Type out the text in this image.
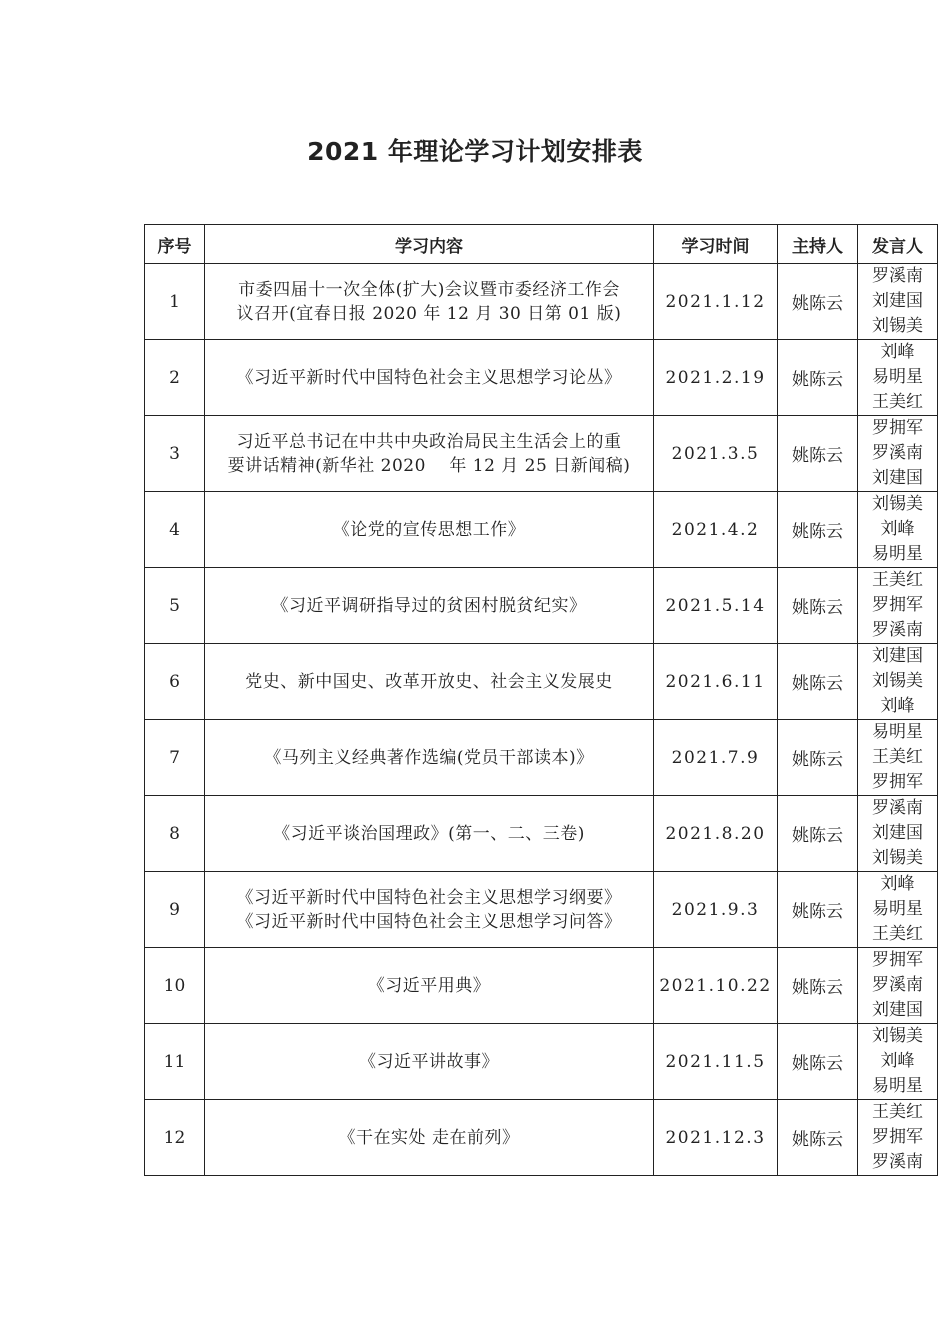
2021 年理论学习计划安排表
序号	学习内容	学习时间	主持人	发言人
1	市委四届十一次全体(扩大)会议暨市委经济工作会
议召开(宜春日报 2020 年 12 月 30 日第 01 版)	2021.1.12	姚陈云	罗溪南
刘建国
刘锡美

2	《习近平新时代中国特色社会主义思想学习论丛》	2021.2.19	姚陈云	刘峰
易明星
王美红

3	习近平总书记在中共中央政治局民主生活会上的重
要讲话精神(新华社 2020　 年 12 月 25 日新闻稿)	2021.3.5	姚陈云	罗拥军
罗溪南
刘建国

4	《论党的宣传思想工作》	2021.4.2	姚陈云	刘锡美
刘峰
易明星

5	《习近平调研指导过的贫困村脱贫纪实》	2021.5.14	姚陈云	王美红
罗拥军
罗溪南

6	党史、新中国史、改革开放史、社会主义发展史	2021.6.11	姚陈云	刘建国
刘锡美
刘峰

7	《马列主义经典著作选编(党员干部读本)》	2021.7.9	姚陈云	易明星
王美红
罗拥军

8	《习近平谈治国理政》(第一、二、三卷)	2021.8.20	姚陈云	罗溪南
刘建国
刘锡美

9	《习近平新时代中国特色社会主义思想学习纲要》
《习近平新时代中国特色社会主义思想学习问答》	2021.9.3	姚陈云	刘峰
易明星
王美红

10	《习近平用典》	2021.10.22	姚陈云	罗拥军
罗溪南
刘建国

11	《习近平讲故事》	2021.11.5	姚陈云	刘锡美
刘峰
易明星

12	《干在实处 走在前列》	2021.12.3	姚陈云	王美红
罗拥军
罗溪南
